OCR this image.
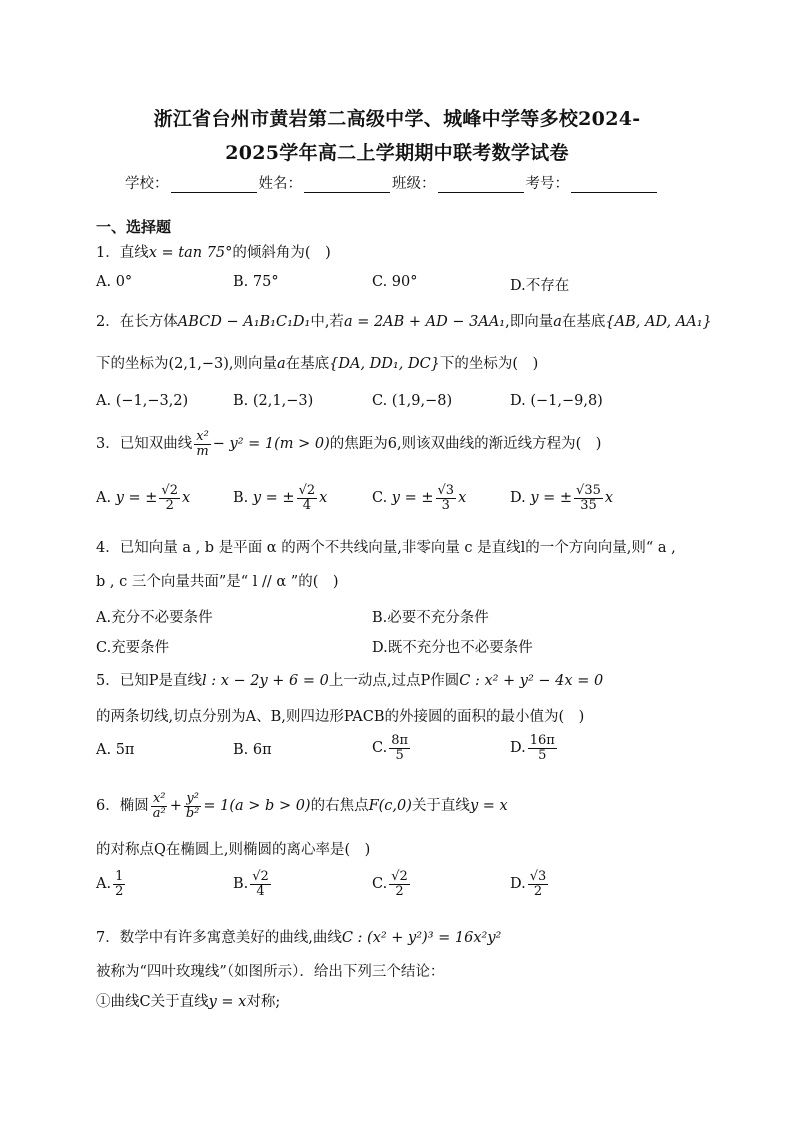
浙江省台州市黄岩第二高级中学、城峰中学等多校2024-
2025学年高二上学期期中联考数学试卷
学校：	姓名：	班级：	考号：
一、选择题
1．直线x = tan 75°的倾斜角为(　)
A. 0°	B. 75°	C. 90°	D.不存在
2．在长方体ABCD − A₁B₁C₁D₁中,若a = 2AB + AD − 3AA₁,即向量a在基底{AB, AD, AA₁}
下的坐标为(2,1,−3),则向量a在基底{DA, DD₁, DC}下的坐标为(　)
A. (−1,−3,2)	B. (2,1,−3)	C. (1,9,−8)	D. (−1,−9,8)
3．已知双曲线 $\frac{\text{x²}}{m} - y^2 = 1(m > 0)$的焦距为6,则该双曲线的渐近线方程为(　)
A. y = ± $\frac{√2}{2}$ x	B. y = ± $\frac{√2}{4}$ x	C. y = ± $\frac{√3}{3}$ x	D. y = ± $\frac{√35}{35}$ x
4．已知向量 a , b 是平面 α 的两个不共线向量,非零向量 c 是直线l的一个方向向量,则“ a ,
b , c 三个向量共面”是“ l // α ”的(　)
A.充分不必要条件	B.必要不充分条件
C.充要条件	D.既不充分也不必要条件
5．已知P是直线l : x − 2y + 6 = 0上一动点,过点P作圆C : x² + y² − 4x = 0
的两条切线,切点分别为A、B,则四边形PACB的外接圆的面积的最小值为(　)
A. 5π	B. 6π	C. $\frac{8\pi}{5}$	D. $\frac{16\pi}{5}$
6．椭圆 $\frac{\text{x²}}{\text{a²}} + \frac{\text{y²}}{\text{b²}} = 1(a > b > 0)$的右焦点F(c,0)关于直线y = x
的对称点Q在椭圆上,则椭圆的离心率是(　)
A. $\frac{1}{2}$	B. $\frac{√2}{4}$	C. $\frac{√2}{2}$	D. $\frac{√3}{2}$
7．数学中有许多寓意美好的曲线,曲线C : (x² + y²)³ = 16x²y²
被称为“四叶玫瑰线”（如图所示）．给出下列三个结论：
①曲线C关于直线y = x对称;
